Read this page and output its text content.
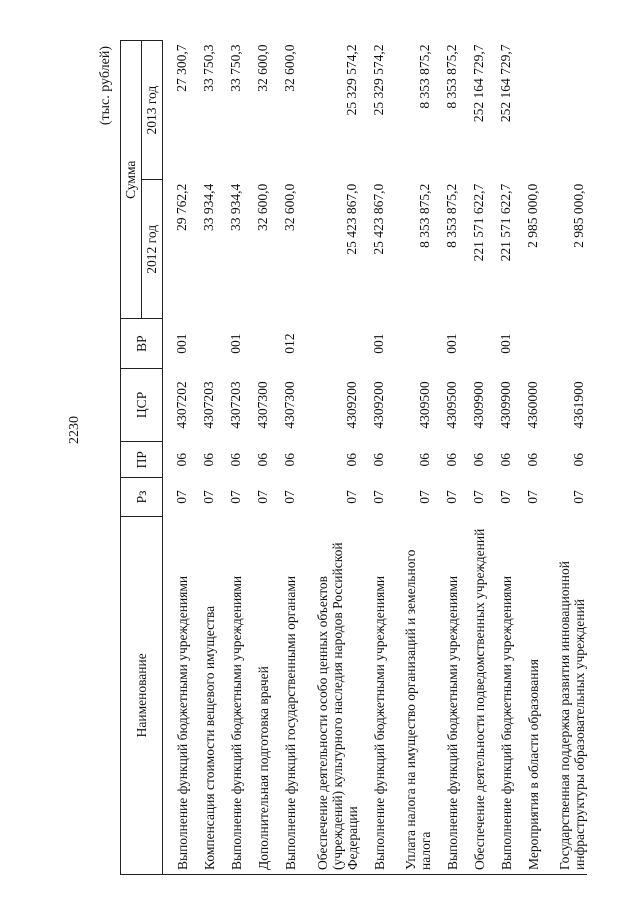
2230
(тыс. рублей)
Наименование	Рз	ПР	ЦСР	ВР	Сумма	
					2012 год	2013 год
Выполнение функций бюджетными учреждениями	07	06	4307202	001	29 762,2	27 300,7
Компенсация стоимости вещевого имущества	07	06	4307203		33 934,4	33 750,3
Выполнение функций бюджетными учреждениями	07	06	4307203	001	33 934,4	33 750,3
Дополнительная подготовка врачей	07	06	4307300		32 600,0	32 600,0
Выполнение функций государственными органами	07	06	4307300	012	32 600,0	32 600,0
Обеспечение деятельности особо ценных объектов (учреждений) культурного наследия народов Российской Федерации	07	06	4309200		25 423 867,0	25 329 574,2
Выполнение функций бюджетными учреждениями	07	06	4309200	001	25 423 867,0	25 329 574,2
Уплата налога на имущество организаций и земельного налога	07	06	4309500		8 353 875,2	8 353 875,2
Выполнение функций бюджетными учреждениями	07	06	4309500	001	8 353 875,2	8 353 875,2
Обеспечение деятельности подведомственных учреждений	07	06	4309900		221 571 622,7	252 164 729,7
Выполнение функций бюджетными учреждениями	07	06	4309900	001	221 571 622,7	252 164 729,7
Мероприятия в области образования	07	06	4360000		2 985 000,0	
Государственная поддержка развития инновационной инфраструктуры образовательных учреждений	07	06	4361900		2 985 000,0	
